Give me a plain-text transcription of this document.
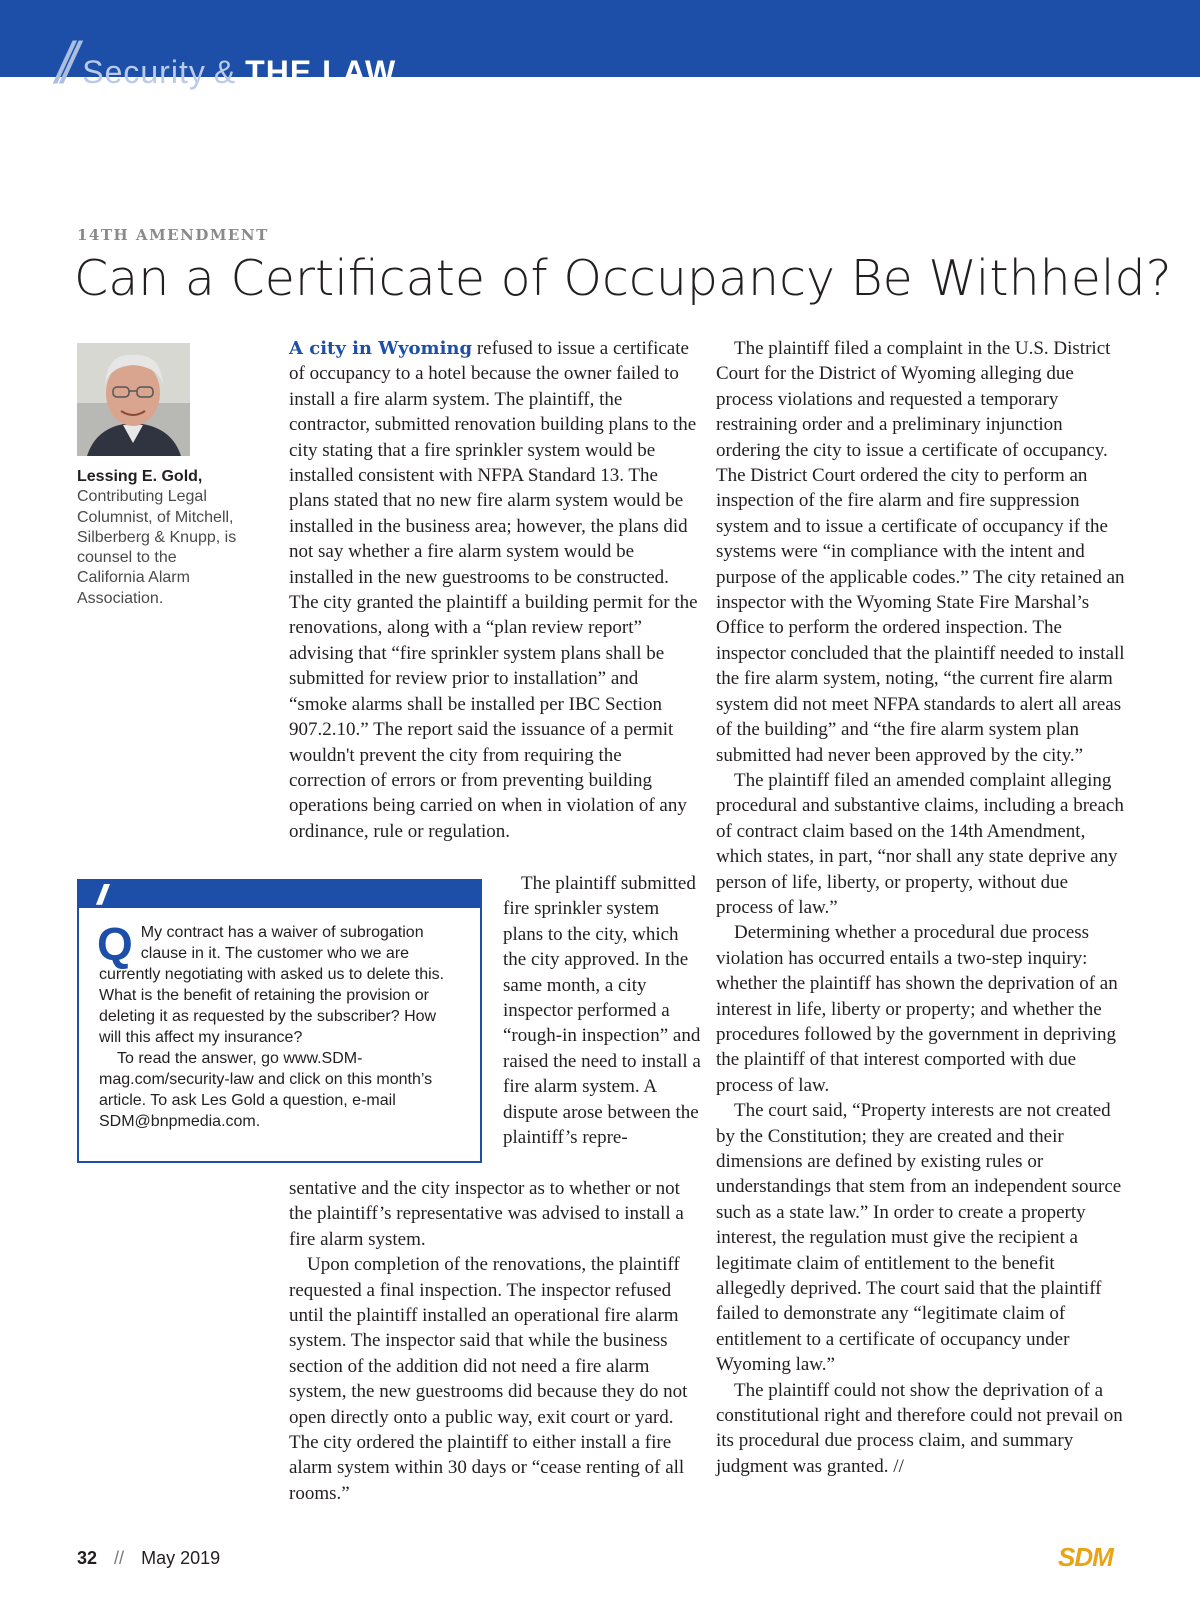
// Security & THE LAW
14TH AMENDMENT
Can a Certificate of Occupancy Be Withheld?
Lessing E. Gold,
Contributing Legal Columnist, of Mitchell, Silberberg & Knupp, is counsel to the California Alarm Association.

A city in Wyoming refused to issue a certificate of occupancy to a hotel because the owner failed to install a fire alarm system. The plaintiff, the contractor, submitted renovation building plans to the city stating that a fire sprinkler system would be installed consistent with NFPA Standard 13. The plans stated that no new fire alarm system would be installed in the business area; however, the plans did not say whether a fire alarm system would be installed in the new guestrooms to be constructed. The city granted the plaintiff a building permit for the renovations, along with a “plan review report” advising that “fire sprinkler system plans shall be submitted for review prior to installation” and “smoke alarms shall be installed per IBC Section 907.2.10.” The report said the issuance of a permit wouldn't prevent the city from requiring the correction of errors or from preventing building operations being carried on when in violation of any ordinance, rule or regulation.

The plaintiff submitted fire sprinkler system plans to the city, which the city approved. In the same month, a city inspector performed a “rough-in inspection” and raised the need to install a fire alarm system. A dispute arose between the plaintiff’s repre-

//
Q My contract has a waiver of subrogation clause in it. The customer who we are currently negotiating with asked us to delete this. What is the benefit of retaining the provision or deleting it as requested by the subscriber? How will this affect my insurance?

To read the answer, go www.SDM-mag.com/security-law and click on this month’s article. To ask Les Gold a question, e-mail SDM@bnpmedia.com.

sentative and the city inspector as to whether or not the plaintiff’s representative was advised to install a fire alarm system.

Upon completion of the renovations, the plaintiff requested a final inspection. The inspector refused until the plaintiff installed an operational fire alarm system. The inspector said that while the business section of the addition did not need a fire alarm system, the new guestrooms did because they do not open directly onto a public way, exit court or yard. The city ordered the plaintiff to either install a fire alarm system within 30 days or “cease renting of all rooms.”

The plaintiff filed a complaint in the U.S. District Court for the District of Wyoming alleging due process violations and requested a temporary restraining order and a preliminary injunction ordering the city to issue a certificate of occupancy. The District Court ordered the city to perform an inspection of the fire alarm and fire suppression system and to issue a certificate of occupancy if the systems were “in compliance with the intent and purpose of the applicable codes.” The city retained an inspector with the Wyoming State Fire Marshal’s Office to perform the ordered inspection. The inspector concluded that the plaintiff needed to install the fire alarm system, noting, “the current fire alarm system did not meet NFPA standards to alert all areas of the building” and “the fire alarm system plan submitted had never been approved by the city.”

The plaintiff filed an amended complaint alleging procedural and substantive claims, including a breach of contract claim based on the 14th Amendment, which states, in part, “nor shall any state deprive any person of life, liberty, or property, without due process of law.”

Determining whether a procedural due process violation has occurred entails a two-step inquiry: whether the plaintiff has shown the deprivation of an interest in life, liberty or property; and whether the procedures followed by the government in depriving the plaintiff of that interest comported with due process of law.

The court said, “Property interests are not created by the Constitution; they are created and their dimensions are defined by existing rules or understandings that stem from an independent source such as a state law.” In order to create a property interest, the regulation must give the recipient a legitimate claim of entitlement to the benefit allegedly deprived. The court said that the plaintiff failed to demonstrate any “legitimate claim of entitlement to a certificate of occupancy under Wyoming law.”

The plaintiff could not show the deprivation of a constitutional right and therefore could not prevail on its procedural due process claim, and summary judgment was granted. //

32 // May 2019	SDM
